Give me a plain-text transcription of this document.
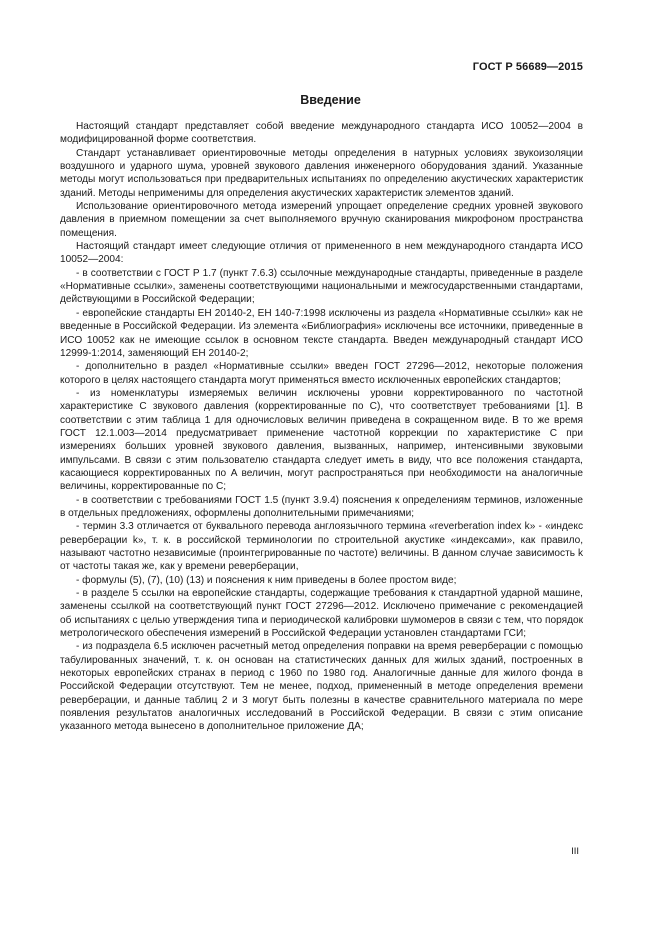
ГОСТ Р 56689—2015
Введение

Настоящий стандарт представляет собой введение международного стандарта ИСО 10052—2004 в модифицированной форме соответствия.

Стандарт устанавливает ориентировочные методы определения в натурных условиях звукоизоляции воздушного и ударного шума, уровней звукового давления инженерного оборудования зданий. Указанные методы могут использоваться при предварительных испытаниях по определению акустических характеристик зданий. Методы неприменимы для определения акустических характеристик элементов зданий.

Использование ориентировочного метода измерений упрощает определение средних уровней звукового давления в приемном помещении за счет выполняемого вручную сканирования микрофоном пространства помещения.

Настоящий стандарт имеет следующие отличия от примененного в нем международного стандарта ИСО 10052—2004:

- в соответствии с ГОСТ Р 1.7 (пункт 7.6.3) ссылочные международные стандарты, приведенные в разделе «Нормативные ссылки», заменены соответствующими национальными и межгосударственными стандартами, действующими в Российской Федерации;

- европейские стандарты ЕН 20140-2, ЕН 140-7:1998 исключены из раздела «Нормативные ссылки» как не введенные в Российской Федерации. Из элемента «Библиография» исключены все источники, приведенные в ИСО 10052 как не имеющие ссылок в основном тексте стандарта. Введен международный стандарт ИСО 12999-1:2014, заменяющий ЕН 20140-2;

- дополнительно в раздел «Нормативные ссылки» введен ГОСТ 27296—2012, некоторые положения которого в целях настоящего стандарта могут применяться вместо исключенных европейских стандартов;

- из номенклатуры измеряемых величин исключены уровни корректированного по частотной характеристике C звукового давления (корректированные по C), что соответствует требованиями [1]. В соответствии с этим таблица 1 для одночисловых величин приведена в сокращенном виде. В то же время ГОСТ 12.1.003—2014 предусматривает применение частотной коррекции по характеристике C при измерениях больших уровней звукового давления, вызванных, например, интенсивными звуковыми импульсами. В связи с этим пользователю стандарта следует иметь в виду, что все положения стандарта, касающиеся корректированных по A величин, могут распространяться при необходимости на аналогичные величины, корректированные по C;

- в соответствии с требованиями ГОСТ 1.5 (пункт 3.9.4) пояснения к определениям терминов, изложенные в отдельных предложениях, оформлены дополнительными примечаниями;

- термин 3.3 отличается от буквального перевода англоязычного термина «reverberation index k» - «индекс реверберации k», т. к. в российской терминологии по строительной акустике «индексами», как правило, называют частотно независимые (проинтегрированные по частоте) величины. В данном случае зависимость k от частоты такая же, как у времени реверберации,

- формулы (5), (7), (10) (13) и пояснения к ним приведены в более простом виде;

- в разделе 5 ссылки на европейские стандарты, содержащие требования к стандартной ударной машине, заменены ссылкой на соответствующий пункт ГОСТ 27296—2012. Исключено примечание с рекомендацией об испытаниях с целью утверждения типа и периодической калибровки шумомеров в связи с тем, что порядок метрологического обеспечения измерений в Российской Федерации установлен стандартами ГСИ;

- из подраздела 6.5 исключен расчетный метод определения поправки на время реверберации с помощью табулированных значений, т. к. он основан на статистических данных для жилых зданий, построенных в некоторых европейских странах в период с 1960 по 1980 год. Аналогичные данные для жилого фонда в Российской Федерации отсутствуют. Тем не менее, подход, примененный в методе определения времени реверберации, и данные таблиц 2 и 3 могут быть полезны в качестве сравнительного материала по мере появления результатов аналогичных исследований в Российской Федерации. В связи с этим описание указанного метода вынесено в дополнительное приложение ДА;

III
